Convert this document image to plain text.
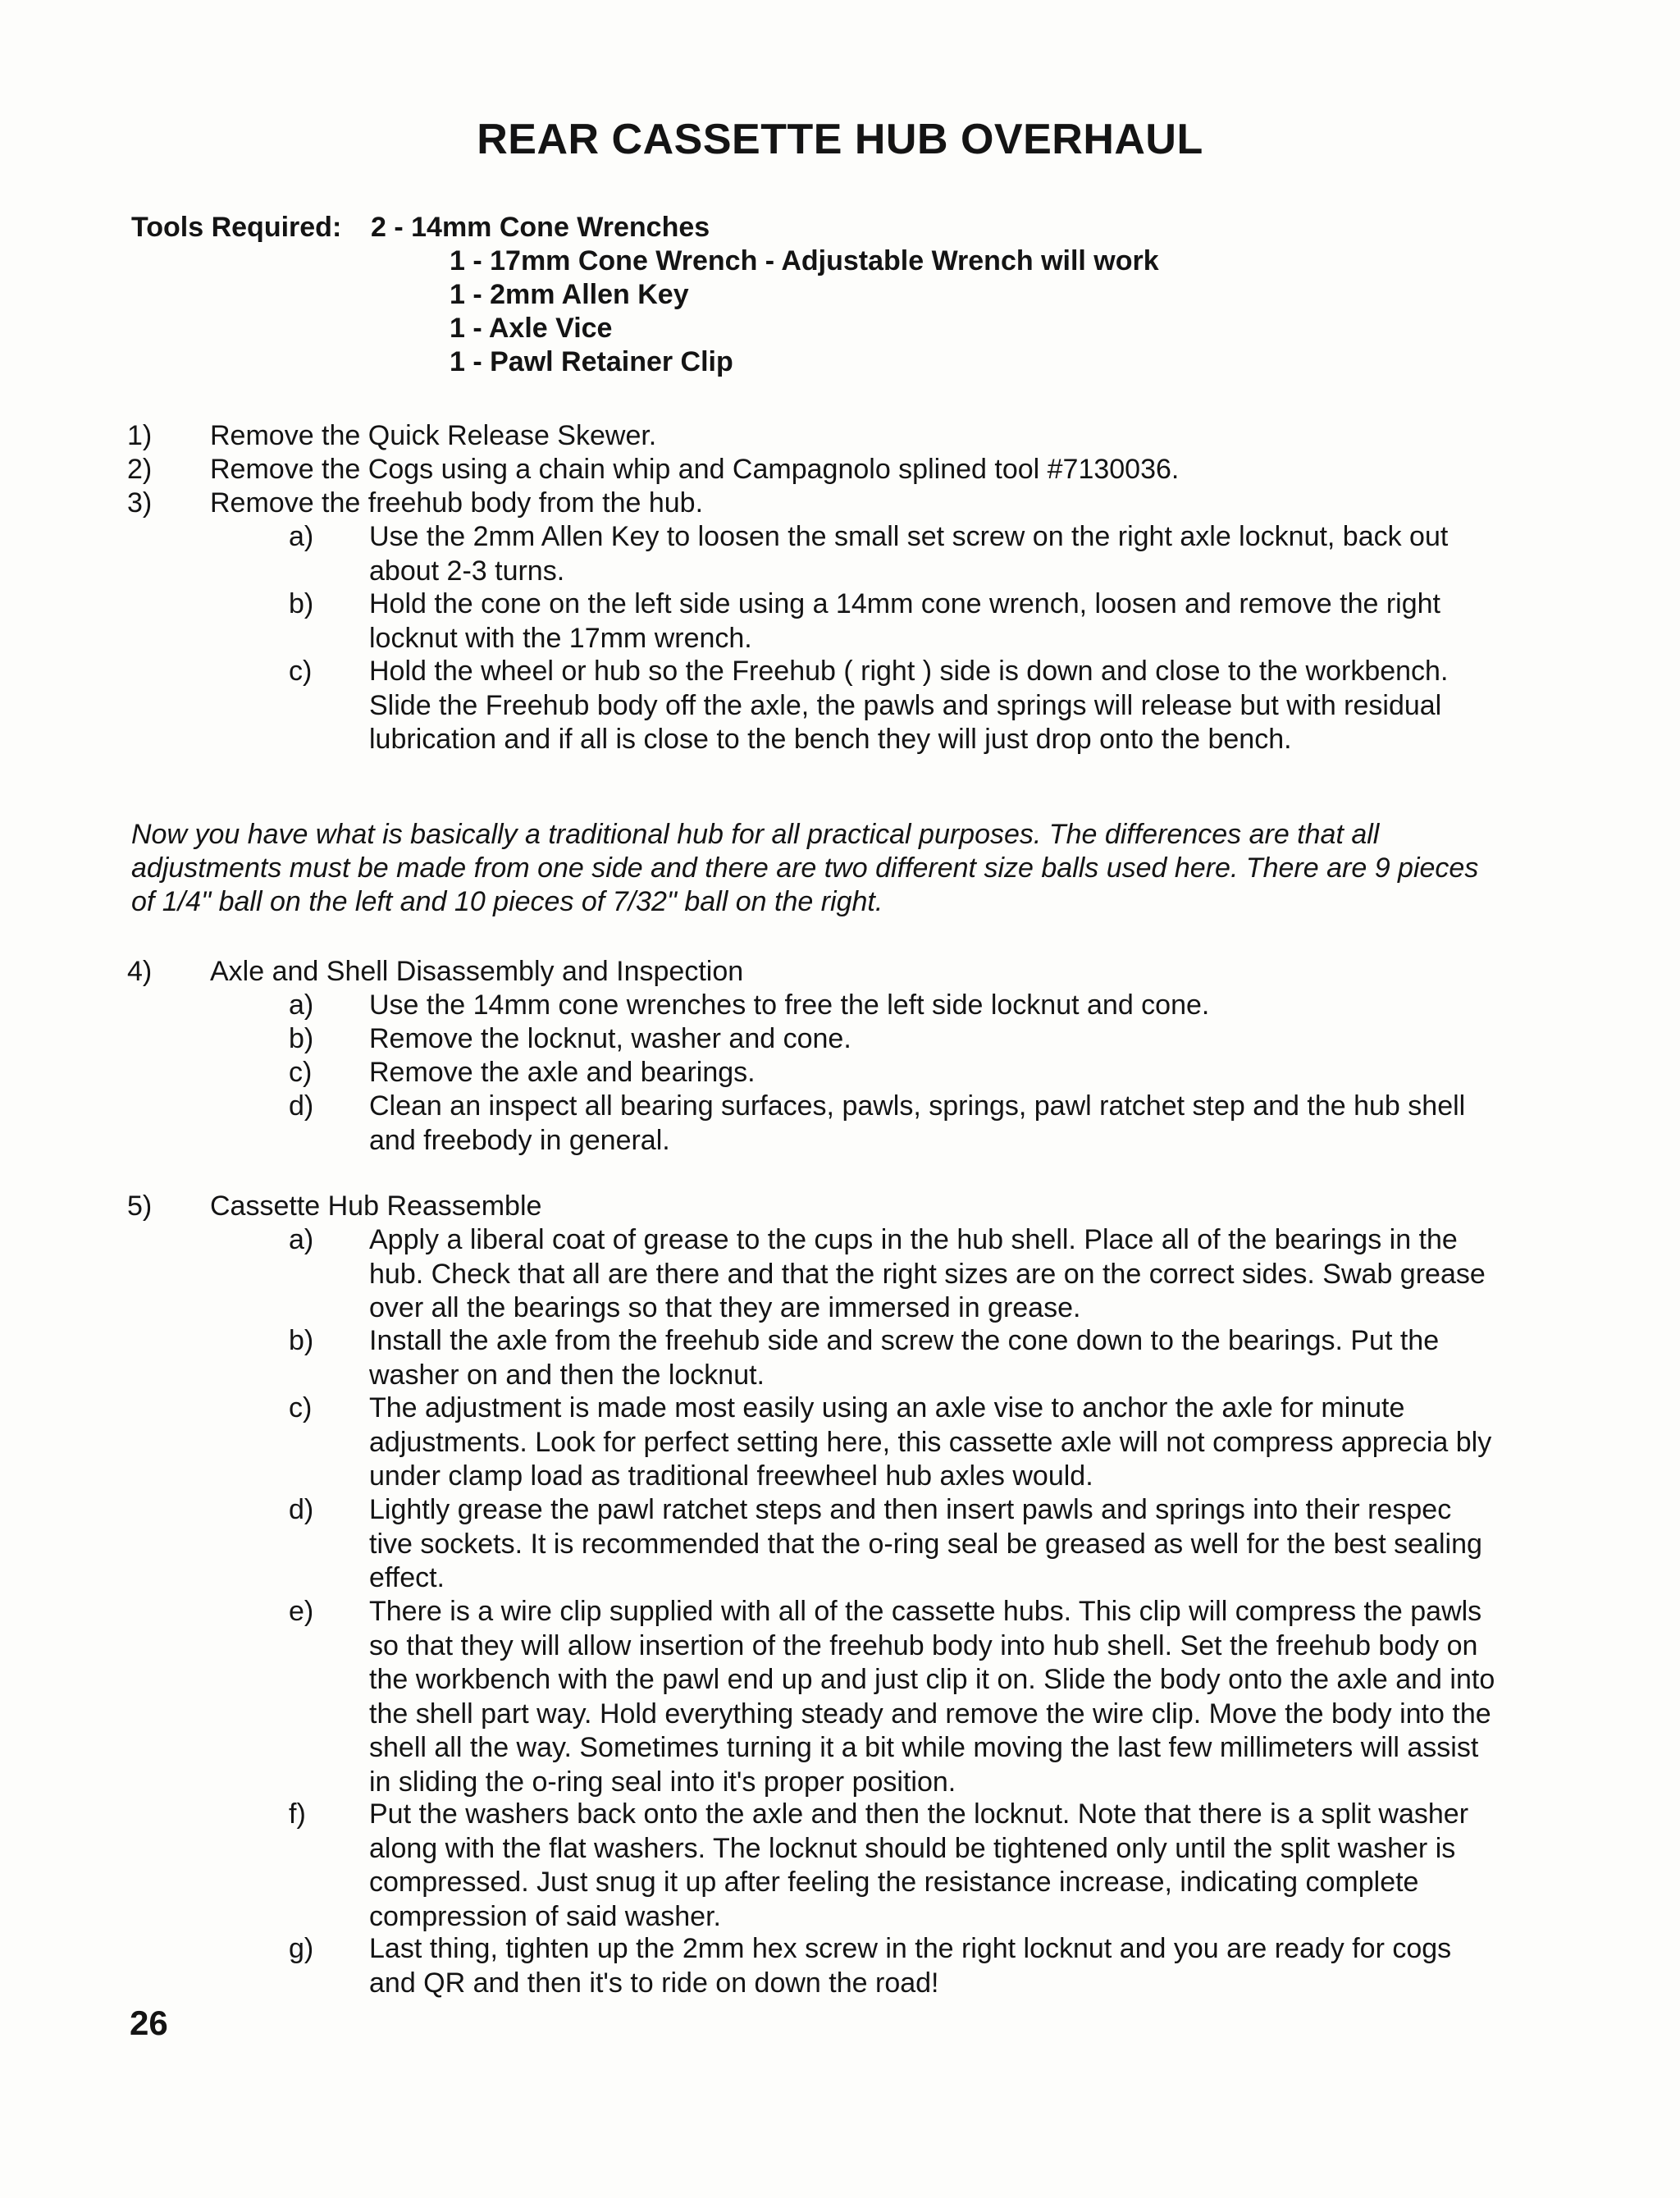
REAR CASSETTE HUB OVERHAUL
Tools Required: 2 - 14mm Cone Wrenches
1 - 17mm Cone Wrench - Adjustable Wrench will work
1 - 2mm Allen Key
1 - Axle Vice
1 - Pawl Retainer Clip
1) Remove the Quick Release Skewer.
2) Remove the Cogs using a chain whip and Campagnolo splined tool #7130036.
3) Remove the freehub body from the hub.
a) Use the 2mm Allen Key to loosen the small set screw on the right axle locknut, back out about 2-3 turns.
b) Hold the cone on the left side using a 14mm cone wrench, loosen and remove the right locknut with the 17mm wrench.
c) Hold the wheel or hub so the Freehub ( right ) side is down and close to the workbench. Slide the Freehub body off the axle, the pawls and springs will release but with residual lubrication and if all is close to the bench they will just drop onto the bench.
Now you have what is basically a traditional hub for all practical purposes. The differences are that all adjustments must be made from one side and there are two different size balls used here. There are 9 pieces of 1/4" ball on the left and 10 pieces of 7/32" ball on the right.
4) Axle and Shell Disassembly and Inspection
a) Use the 14mm cone wrenches to free the left side locknut and cone.
b) Remove the locknut, washer and cone.
c) Remove the axle and bearings.
d) Clean an inspect all bearing surfaces, pawls, springs, pawl ratchet step and the hub shell and freebody in general.
5) Cassette Hub Reassemble
a) Apply a liberal coat of grease to the cups in the hub shell. Place all of the bearings in the hub. Check that all are there and that the right sizes are on the correct sides. Swab grease over all the bearings so that they are immersed in grease.
b) Install the axle from the freehub side and screw the cone down to the bearings. Put the washer on and then the locknut.
c) The adjustment is made most easily using an axle vise to anchor the axle for minute adjustments. Look for perfect setting here, this cassette axle will not compress apprecia bly under clamp load as traditional freewheel hub axles would.
d) Lightly grease the pawl ratchet steps and then insert pawls and springs into their respec tive sockets. It is recommended that the o-ring seal be greased as well for the best sealing effect.
e) There is a wire clip supplied with all of the cassette hubs. This clip will compress the pawls so that they will allow insertion of the freehub body into hub shell. Set the freehub body on the workbench with the pawl end up and just clip it on. Slide the body onto the axle and into the shell part way. Hold everything steady and remove the wire clip. Move the body into the shell all the way. Sometimes turning it a bit while moving the last few millimeters will assist in sliding the o-ring seal into it's proper position.
f) Put the washers back onto the axle and then the locknut. Note that there is a split washer along with the flat washers. The locknut should be tightened only until the split washer is compressed. Just snug it up after feeling the resistance increase, indicating complete compression of said washer.
g) Last thing, tighten up the 2mm hex screw in the right locknut and you are ready for cogs and QR and then it's to ride on down the road!
26
